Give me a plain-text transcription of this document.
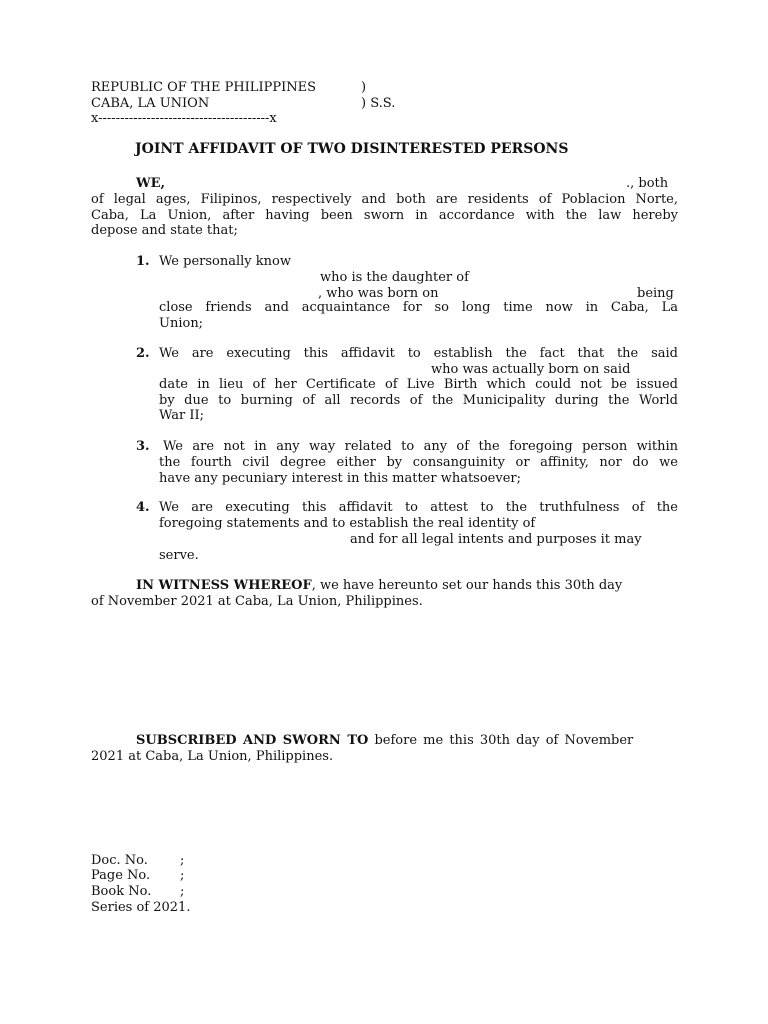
REPUBLIC OF THE PHILIPPINES	)
CABA, LA UNION	) S.S.
x---------------------------------------x
JOINT AFFIDAVIT OF TWO DISINTERESTED PERSONS
WE,	., both
of legal ages, Filipinos, respectively and both are residents of Poblacion Norte,
Caba, La Union, after having been sworn in accordance with the law hereby
depose and state that;
1. We personally know
who is the daughter of
, who was born on	being
close friends and acquaintance for so long time now in Caba, La
Union;
2. We are executing this affidavit to establish the fact that the said
who was actually born on said
date in lieu of her Certificate of Live Birth which could not be issued
by due to burning of all records of the Municipality during the World
War II;
3. We are not in any way related to any of the foregoing person within
the fourth civil degree either by consanguinity or affinity, nor do we
have any pecuniary interest in this matter whatsoever;
4. We are executing this affidavit to attest to the truthfulness of the
foregoing statements and to establish the real identity of
and for all legal intents and purposes it may
serve.
IN WITNESS WHEREOF, we have hereunto set our hands this 30th day
of November 2021 at Caba, La Union, Philippines.
SUBSCRIBED AND SWORN TO before me this 30th day of November
2021 at Caba, La Union, Philippines.
Doc. No. ;
Page No. ;
Book No. ;
Series of 2021.
